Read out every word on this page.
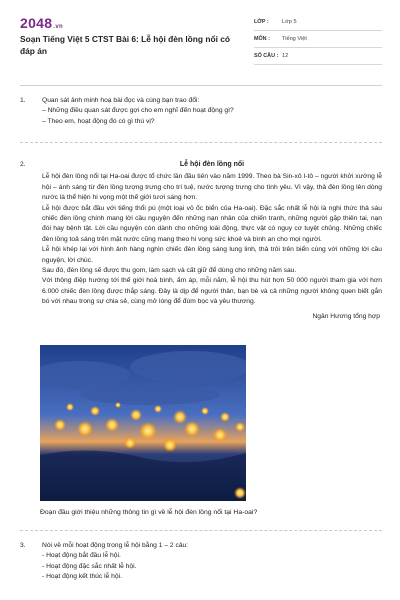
2048.vn
Soạn Tiếng Việt 5 CTST Bài 6: Lễ hội đèn lồng nổi có đáp án
LỚP :	Lớp 5
MÔN :	Tiếng Việt
SỐ CÂU : 12
1.	Quan sát ảnh minh hoạ bài đọc và cùng bạn trao đổi:
– Những điều quan sát được gợi cho em nghĩ đến hoạt động gì?
– Theo em, hoạt động đó có gì thú vị?
2.	Lễ hội đèn lồng nổi

Lễ hội đèn lồng nổi tại Ha-oai được tổ chức lần đầu tiên vào năm 1999. Theo bà Sin-xô I-tô – người khởi xướng lễ hội – ánh sáng từ đèn lồng tượng trưng cho trí tuệ, nước tượng trưng cho tình yêu. Vì vậy, thả đèn lồng lên dòng nước là thể hiện hi vọng một thế giới tươi sáng hơn.

Lễ hội được bắt đầu với tiếng thổi pú (một loại vỏ ốc biển của Ha-oai). Đặc sắc nhất lễ hội là nghi thức thả sáu chiếc đèn lồng chính mang lời cầu nguyện đến những nạn nhân của chiến tranh, những người gặp thiên tai, nạn đói hay bệnh tật. Lời cầu nguyện còn dành cho những loài động, thực vật có nguy cơ tuyệt chủng. Những chiếc đèn lồng toả sáng trên mặt nước cũng mang theo hi vọng sức khoẻ và bình an cho mọi người.

Lễ hội khép lại với hình ảnh hàng nghìn chiếc đèn lồng sáng lung linh, thả trôi trên biển cùng với những lời cầu nguyện, lời chúc.

Sau đó, đèn lồng sẽ được thu gom, làm sạch và cất giữ để dùng cho những năm sau.

Với thông điệp hướng tới thế giới hoà bình, ấm áp, mỗi năm, lễ hội thu hút hơn 50 000 người tham gia với hơn 6.000 chiếc đèn lồng được thắp sáng. Đây là dịp để người thân, bạn bè và cả những người không quen biết gắn bó với nhau trong sự chia sẻ, cùng mở lòng để đùm bọc và yêu thương.

Ngân Hương tổng hợp
Đoạn đầu giới thiệu những thông tin gì về lễ hội đèn lồng nổi tại Ha-oai?
3.	Nói về mỗi hoạt động trong lễ hội bằng 1 – 2 câu:
- Hoạt động bắt đầu lễ hội.
- Hoạt động đặc sắc nhất lễ hội.
- Hoạt động kết thúc lễ hội.
